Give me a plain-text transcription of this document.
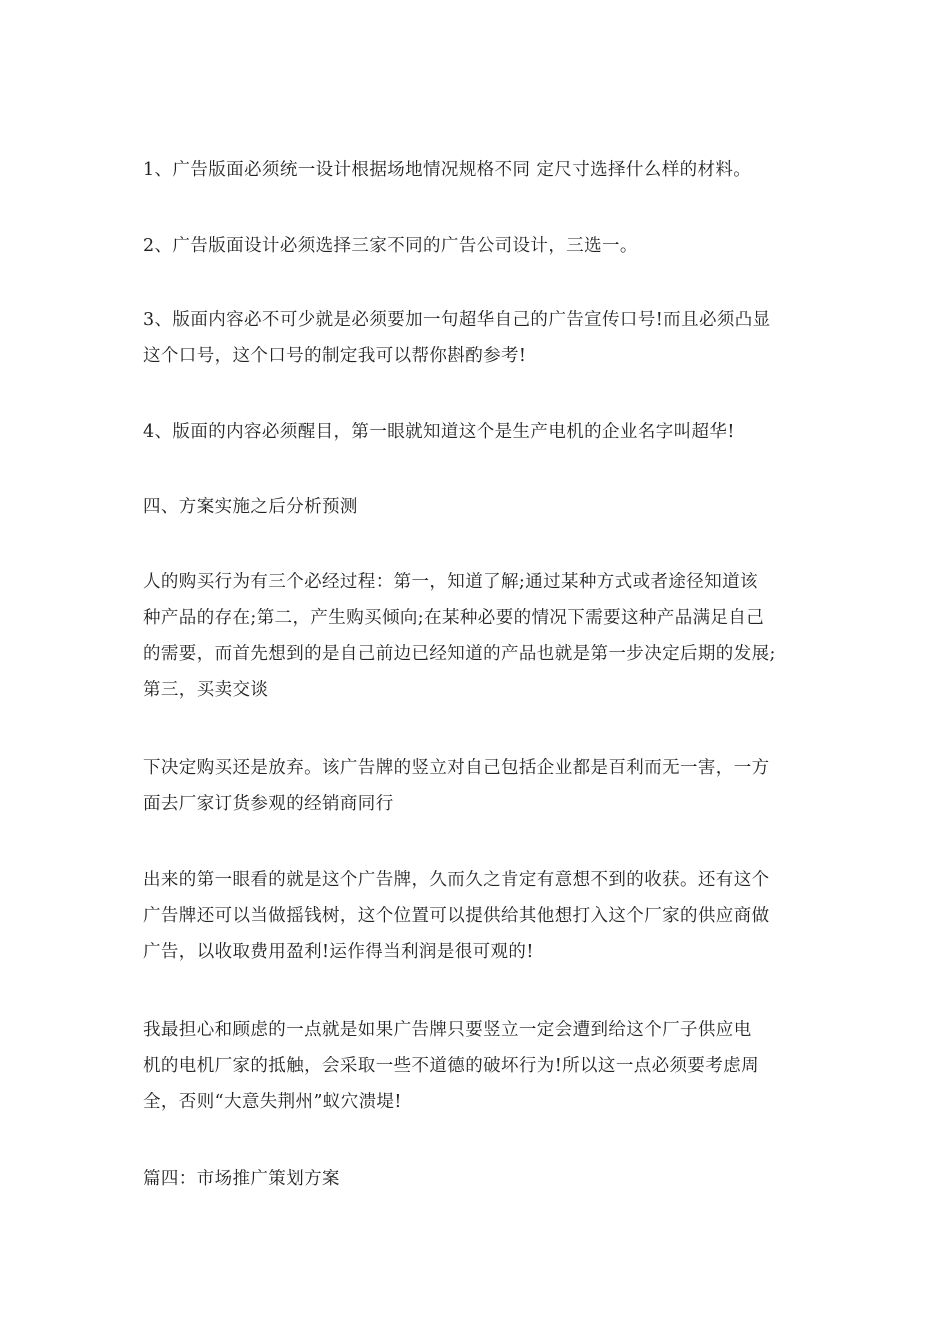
1、广告版面必须统一设计根据场地情况规格不同 定尺寸选择什么样的材料。
2、广告版面设计必须选择三家不同的广告公司设计，三选一。
3、版面内容必不可少就是必须要加一句超华自己的广告宣传口号!而且必须凸显
这个口号，这个口号的制定我可以帮你斟酌参考!
4、版面的内容必须醒目，第一眼就知道这个是生产电机的企业名字叫超华!
四、方案实施之后分析预测
人的购买行为有三个必经过程：第一，知道了解;通过某种方式或者途径知道该
种产品的存在;第二，产生购买倾向;在某种必要的情况下需要这种产品满足自己
的需要，而首先想到的是自己前边已经知道的产品也就是第一步决定后期的发展;
第三，买卖交谈
下决定购买还是放弃。该广告牌的竖立对自己包括企业都是百利而无一害，一方
面去厂家订货参观的经销商同行
出来的第一眼看的就是这个广告牌，久而久之肯定有意想不到的收获。还有这个
广告牌还可以当做摇钱树，这个位置可以提供给其他想打入这个厂家的供应商做
广告，以收取费用盈利!运作得当利润是很可观的!
我最担心和顾虑的一点就是如果广告牌只要竖立一定会遭到给这个厂子供应电
机的电机厂家的抵触，会采取一些不道德的破坏行为!所以这一点必须要考虑周
全，否则“大意失荆州”蚁穴溃堤!
篇四：市场推广策划方案
